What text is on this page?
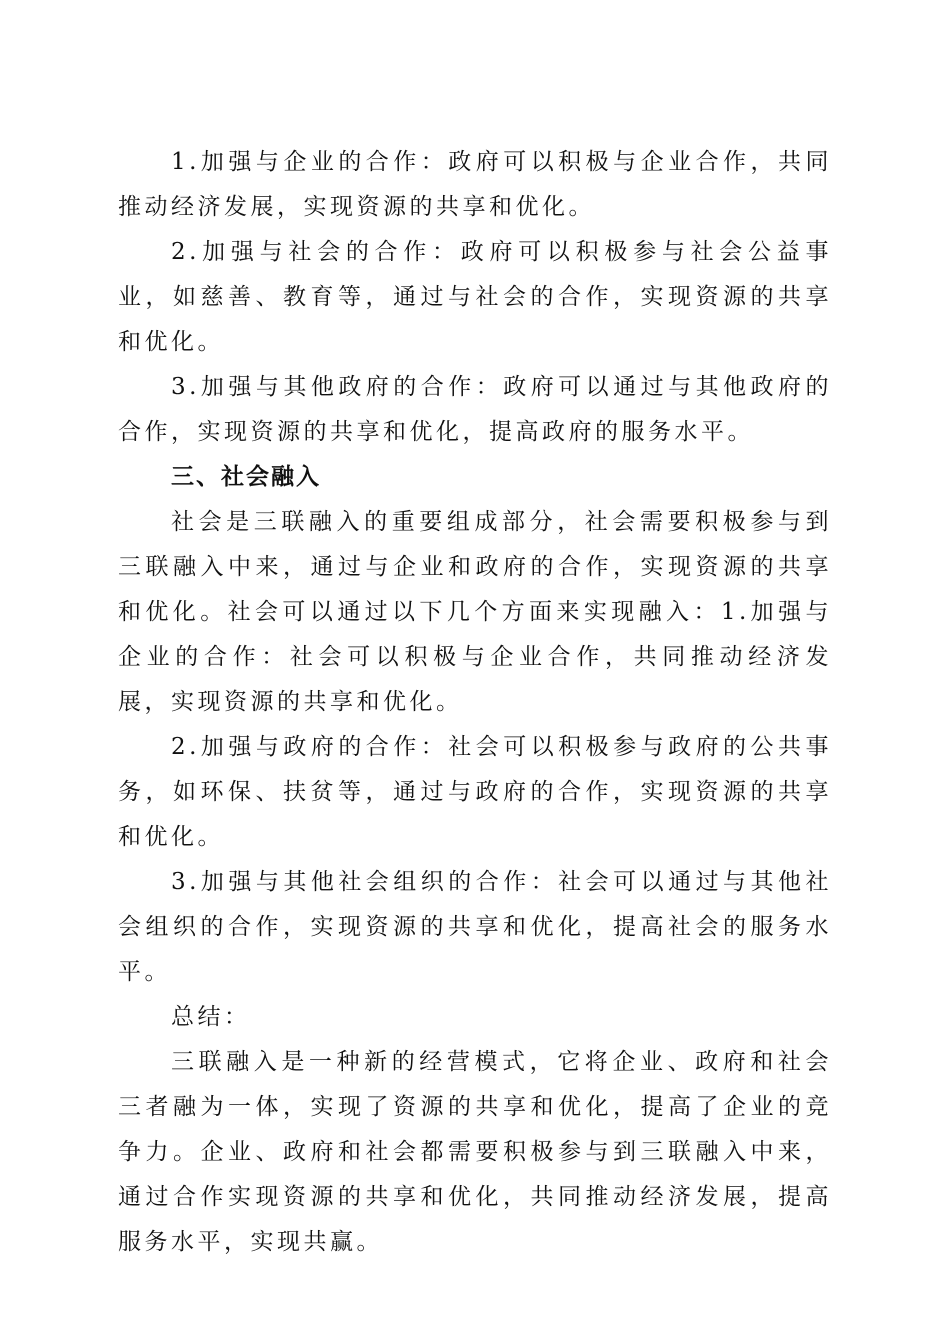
1.加强与企业的合作：政府可以积极与企业合作，共同推动经济发展，实现资源的共享和优化。

2.加强与社会的合作：政府可以积极参与社会公益事业，如慈善、教育等，通过与社会的合作，实现资源的共享和优化。

3.加强与其他政府的合作：政府可以通过与其他政府的合作，实现资源的共享和优化，提高政府的服务水平。

三、社会融入

社会是三联融入的重要组成部分，社会需要积极参与到三联融入中来，通过与企业和政府的合作，实现资源的共享和优化。社会可以通过以下几个方面来实现融入：1.加强与企业的合作：社会可以积极与企业合作，共同推动经济发展，实现资源的共享和优化。

2.加强与政府的合作：社会可以积极参与政府的公共事务，如环保、扶贫等，通过与政府的合作，实现资源的共享和优化。

3.加强与其他社会组织的合作：社会可以通过与其他社会组织的合作，实现资源的共享和优化，提高社会的服务水平。

总结：

三联融入是一种新的经营模式，它将企业、政府和社会三者融为一体，实现了资源的共享和优化，提高了企业的竞争力。企业、政府和社会都需要积极参与到三联融入中来，通过合作实现资源的共享和优化，共同推动经济发展，提高服务水平，实现共赢。
